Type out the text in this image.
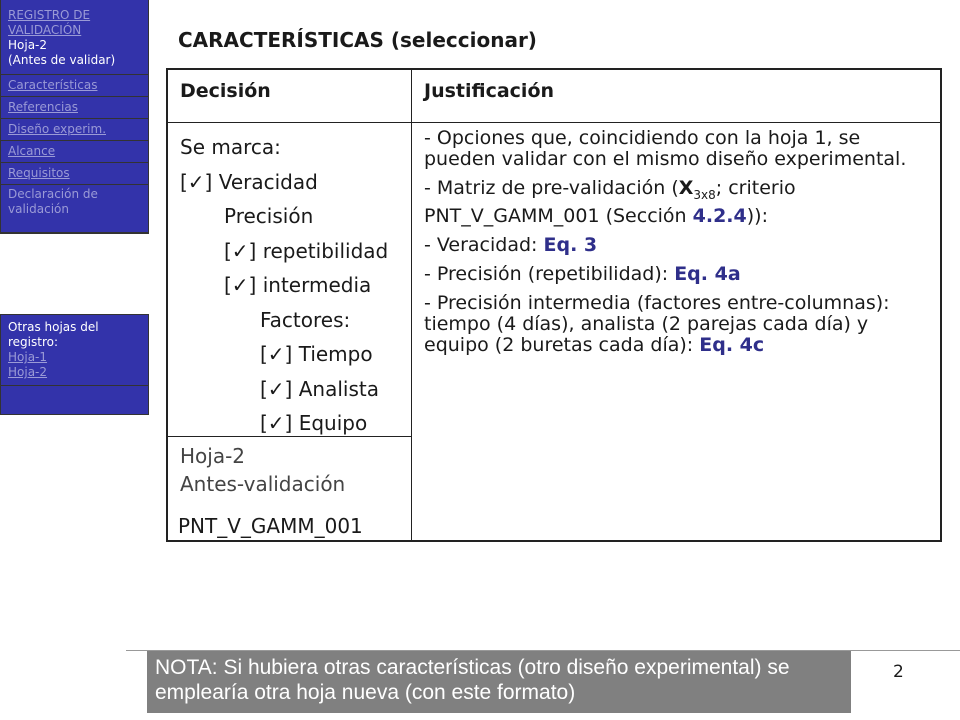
REGISTRO DE
VALIDACIÓN
Hoja-2
(Antes de validar)
Características
Referencias
Diseño experim.
Alcance
Requisitos
Declaración de validación
Otras hojas del registro:
Hoja-1
Hoja-2
CARACTERÍSTICAS (seleccionar)
Decisión	Justificación
Se marca:
[✓] Veracidad
Precisión
[✓] repetibilidad
[✓] intermedia
Factores:
[✓] Tiempo
[✓] Analista
[✓] Equipo
Hoja-2
Antes-validación
PNT_V_GAMM_001

- Opciones que, coincidiendo con la hoja 1, se pueden validar con el mismo diseño experimental.

- Matriz de pre-validación ($X_{3x8}$; criterio PNT_V_GAMM_001 (Sección 4.2.4)):

- Veracidad: Eq. 3

- Precisión (repetibilidad): Eq. 4a

- Precisión intermedia (factores entre-columnas): tiempo (4 días), analista (2 parejas cada día) y equipo (2 buretas cada día): Eq. 4c

NOTA: Si hubiera otras características (otro diseño experimental) se emplearía otra hoja nueva (con este formato)
2
